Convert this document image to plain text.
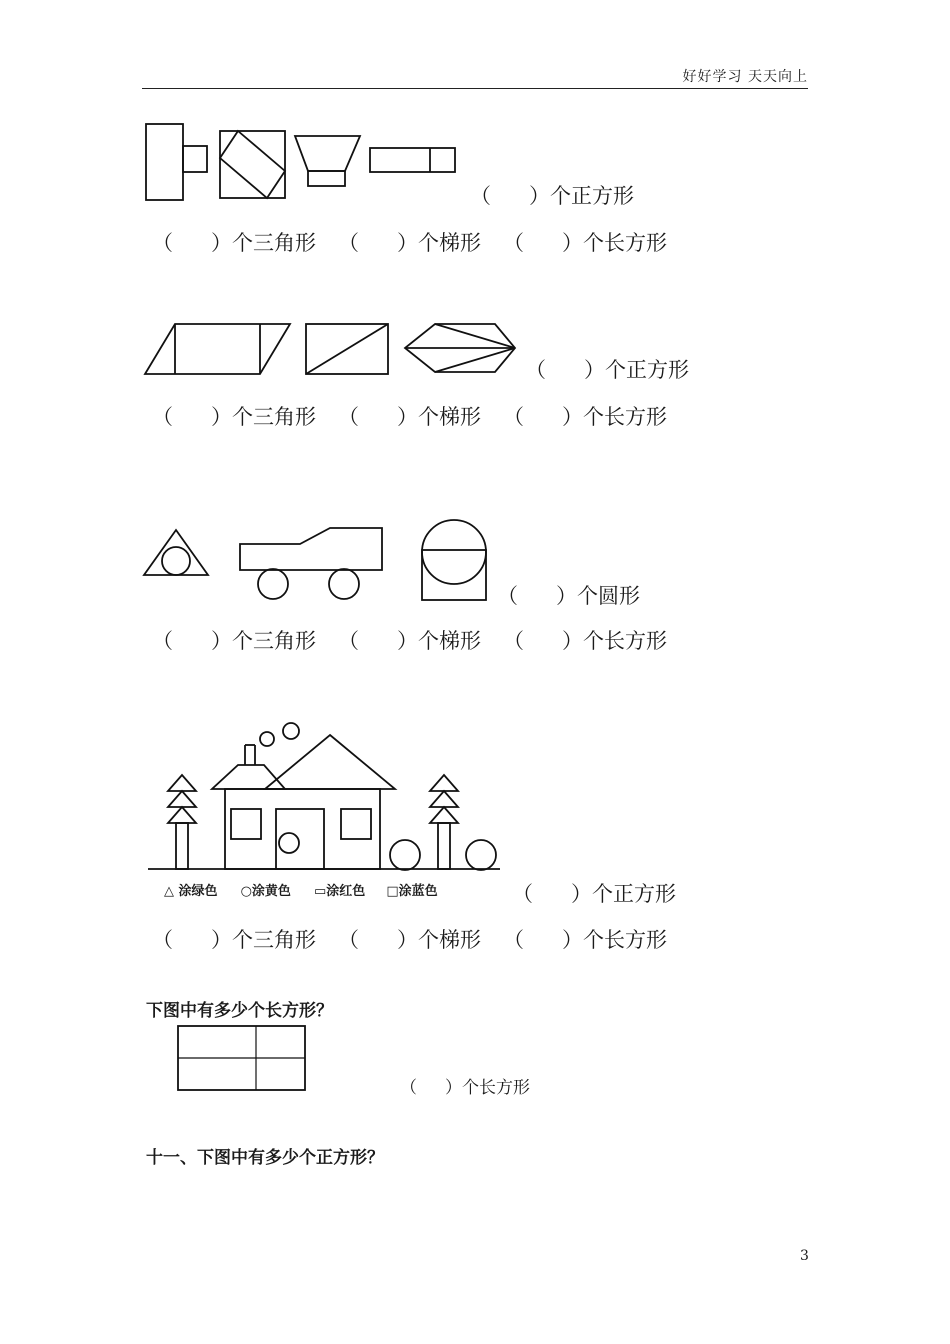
好好学习 天天向上
（ ）个正方形
（ ）个三角形 （ ）个梯形 （ ）个长方形
（ ）个正方形
（ ）个三角形 （ ）个梯形 （ ）个长方形
（ ）个圆形
（ ）个三角形 （ ）个梯形 （ ）个长方形
△ 涂绿色 ○涂黄色 ▭涂红色 □涂蓝色	（ ）个正方形
（ ）个三角形 （ ）个梯形 （ ）个长方形
下图中有多少个长方形？
（ ）个长方形
十一、下图中有多少个正方形？
3
